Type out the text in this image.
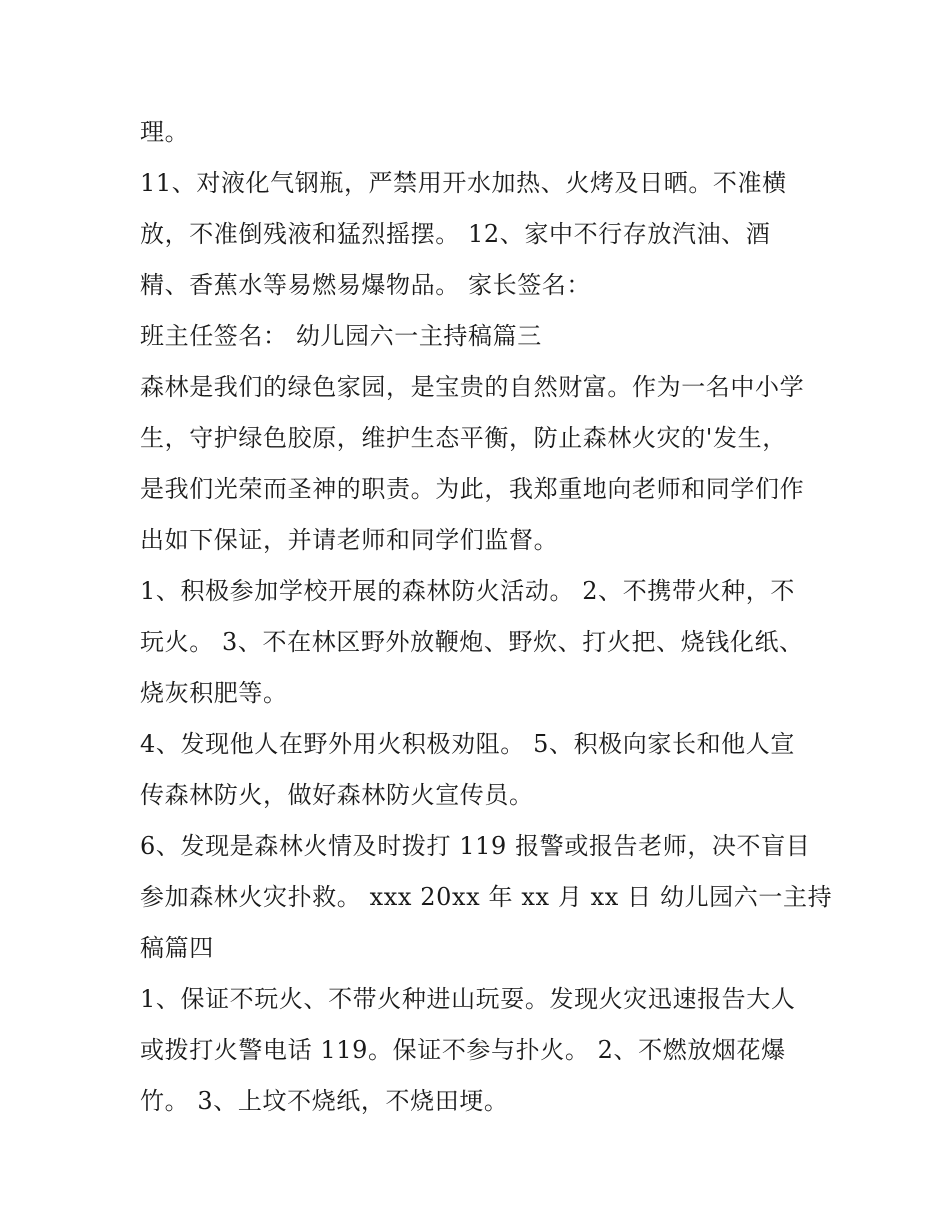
理。
11、对液化气钢瓶，严禁用开水加热、火烤及日晒。不准横
放，不准倒残液和猛烈摇摆。 12、家中不行存放汽油、酒
精、香蕉水等易燃易爆物品。 家长签名：
班主任签名： 幼儿园六一主持稿篇三
森林是我们的绿色家园，是宝贵的自然财富。作为一名中小学
生，守护绿色胶原，维护生态平衡，防止森林火灾的'发生，
是我们光荣而圣神的职责。为此，我郑重地向老师和同学们作
出如下保证，并请老师和同学们监督。
1、积极参加学校开展的森林防火活动。 2、不携带火种，不
玩火。 3、不在林区野外放鞭炮、野炊、打火把、烧钱化纸、
烧灰积肥等。
4、发现他人在野外用火积极劝阻。 5、积极向家长和他人宣
传森林防火，做好森林防火宣传员。
6、发现是森林火情及时拨打 119 报警或报告老师，决不盲目
参加森林火灾扑救。 xxx 20xx 年 xx 月 xx 日 幼儿园六一主持
稿篇四
1、保证不玩火、不带火种进山玩耍。发现火灾迅速报告大人
或拨打火警电话 119。保证不参与扑火。 2、不燃放烟花爆
竹。 3、上坟不烧纸，不烧田埂。
